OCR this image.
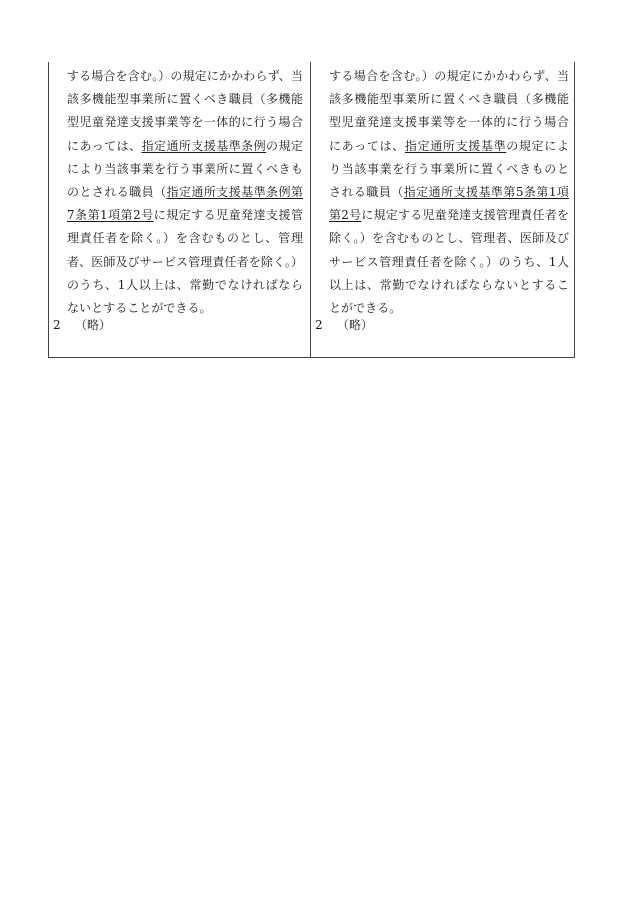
する場合を含む。）の規定にかかわらず、当該多機能型事業所に置くべき職員（多機能型児童発達支援事業等を一体的に行う場合にあっては、指定通所支援基準条例の規定により当該事業を行う事業所に置くべきものとされる職員（指定通所支援基準条例第7条第1項第2号に規定する児童発達支援管理責任者を除く。）を含むものとし、管理者、医師及びサービス管理責任者を除く。）のうち、1人以上は、常勤でなければならないとすることができる。
2 （略）
する場合を含む。）の規定にかかわらず、当該多機能型事業所に置くべき職員（多機能型児童発達支援事業等を一体的に行う場合にあっては、指定通所支援基準の規定により当該事業を行う事業所に置くべきものとされる職員（指定通所支援基準第5条第1項第2号に規定する児童発達支援管理責任者を除く。）を含むものとし、管理者、医師及びサービス管理責任者を除く。）のうち、1人以上は、常勤でなければならないとすることができる。
2 （略）
